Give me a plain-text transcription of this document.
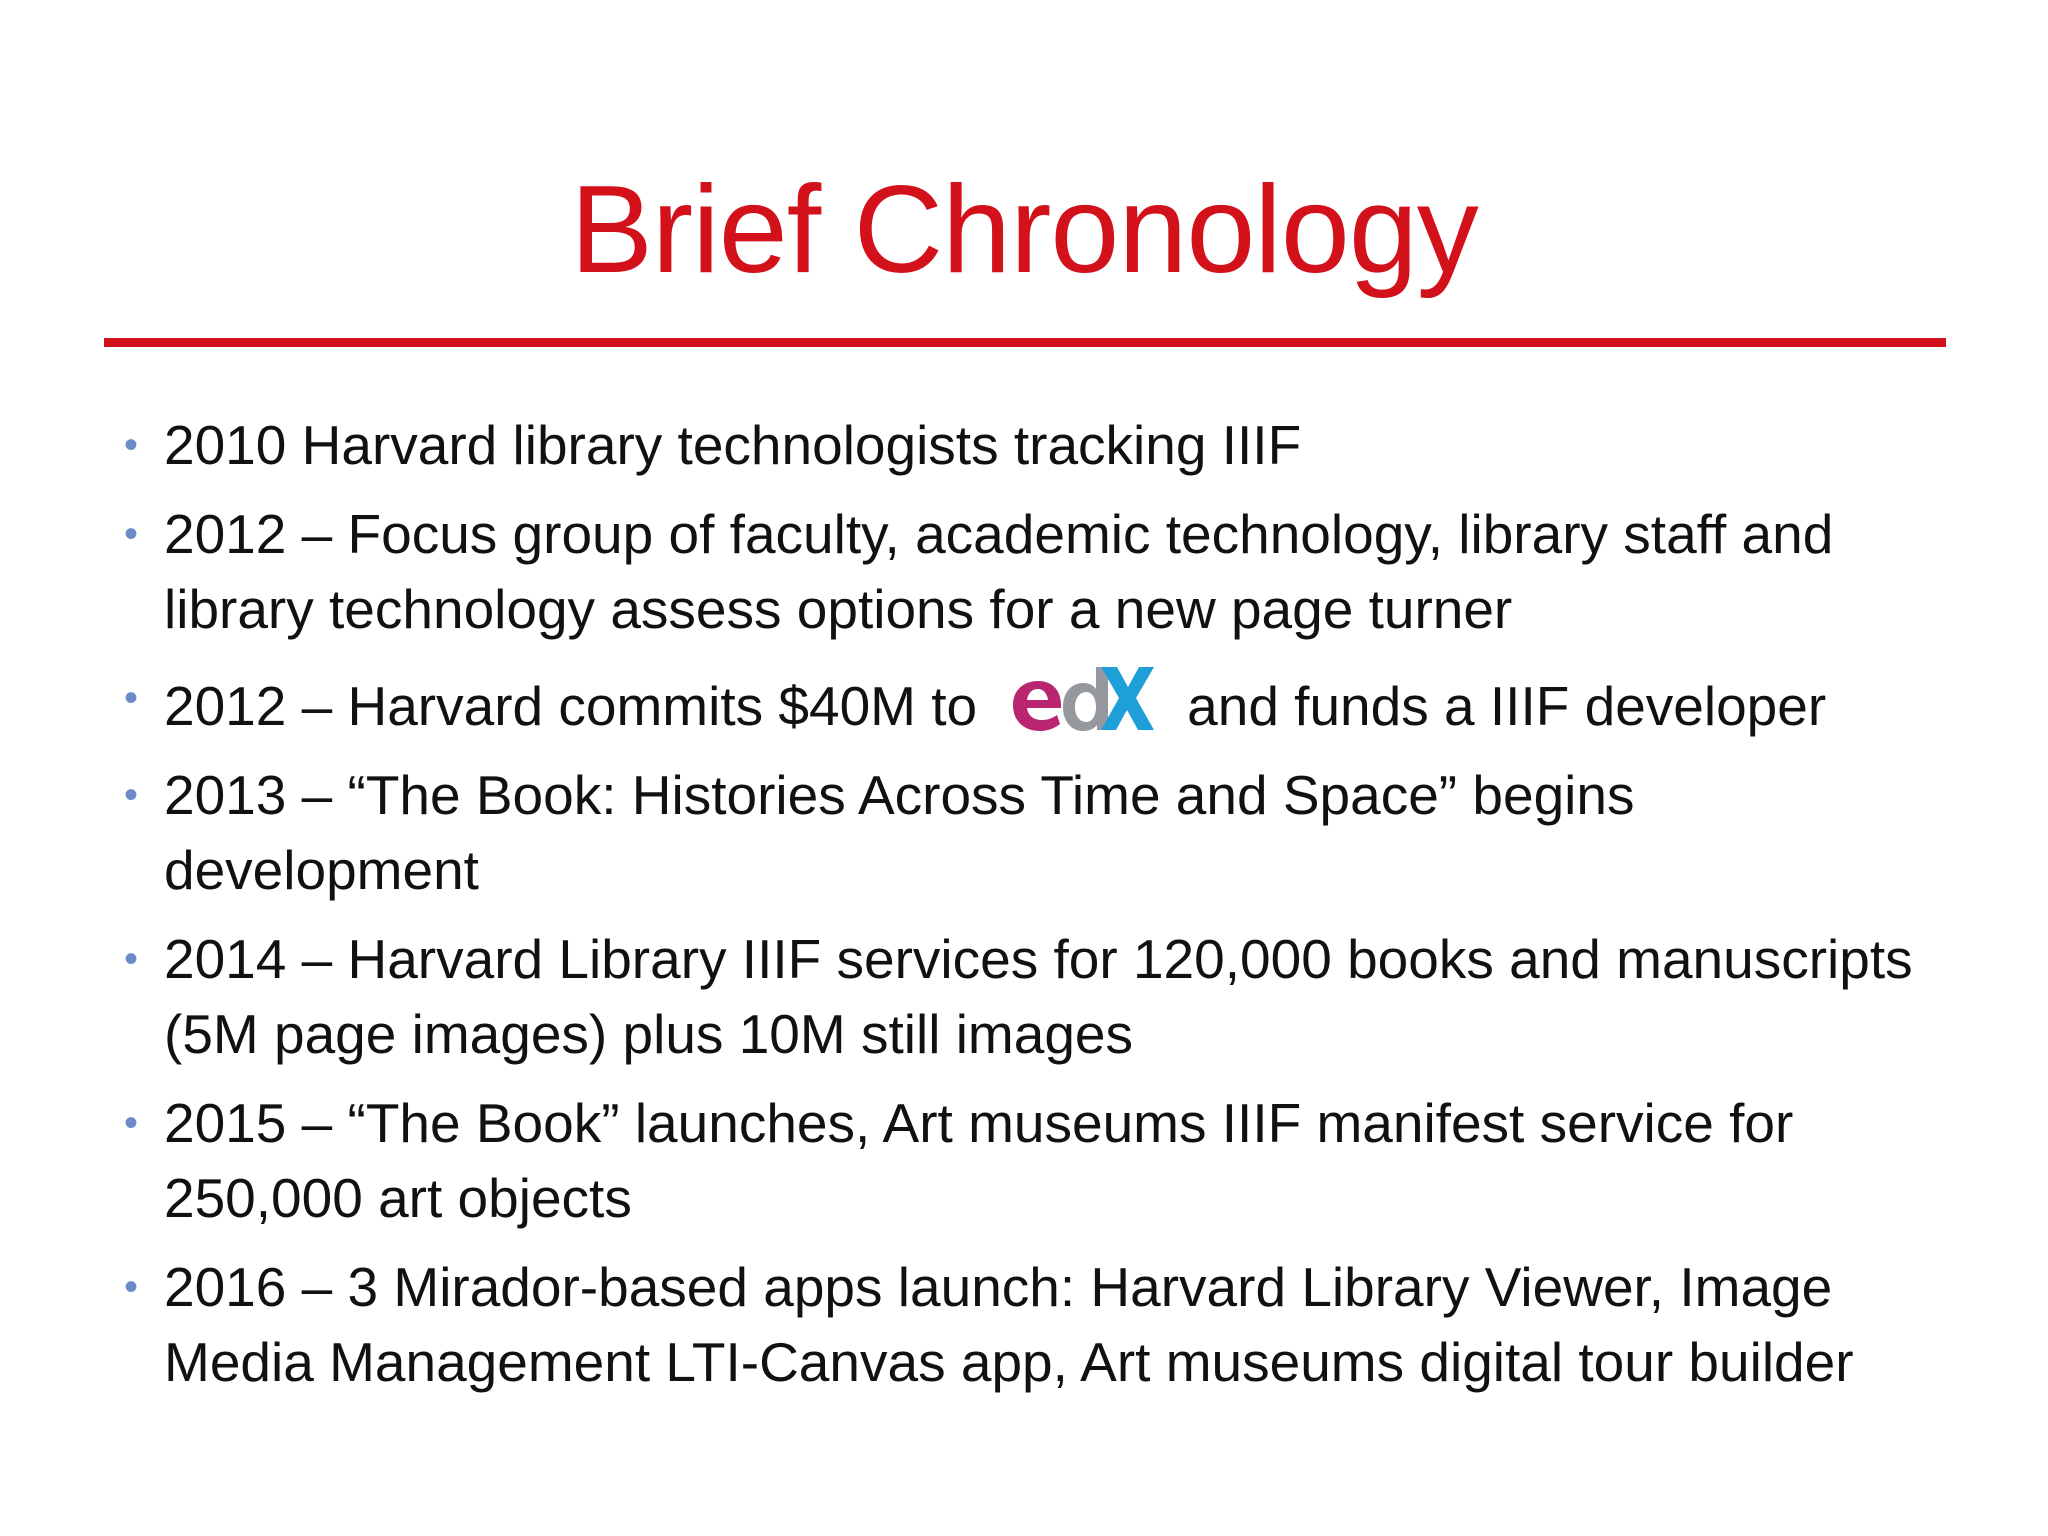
Brief Chronology
• 2010 Harvard library technologists tracking IIIF
• 2012 – Focus group of faculty, academic technology, library staff and library technology assess options for a new page turner
• 2012 – Harvard commits $40M to	and funds a IIIF developer
• 2013 – “The Book: Histories Across Time and Space” begins development
• 2014 – Harvard Library IIIF services for 120,000 books and manuscripts (5M page images) plus 10M still images
• 2015 – “The Book” launches, Art museums IIIF manifest service for 250,000 art objects
• 2016 – 3 Mirador-based apps launch: Harvard Library Viewer, Image Media Management LTI-Canvas app, Art museums digital tour builder
